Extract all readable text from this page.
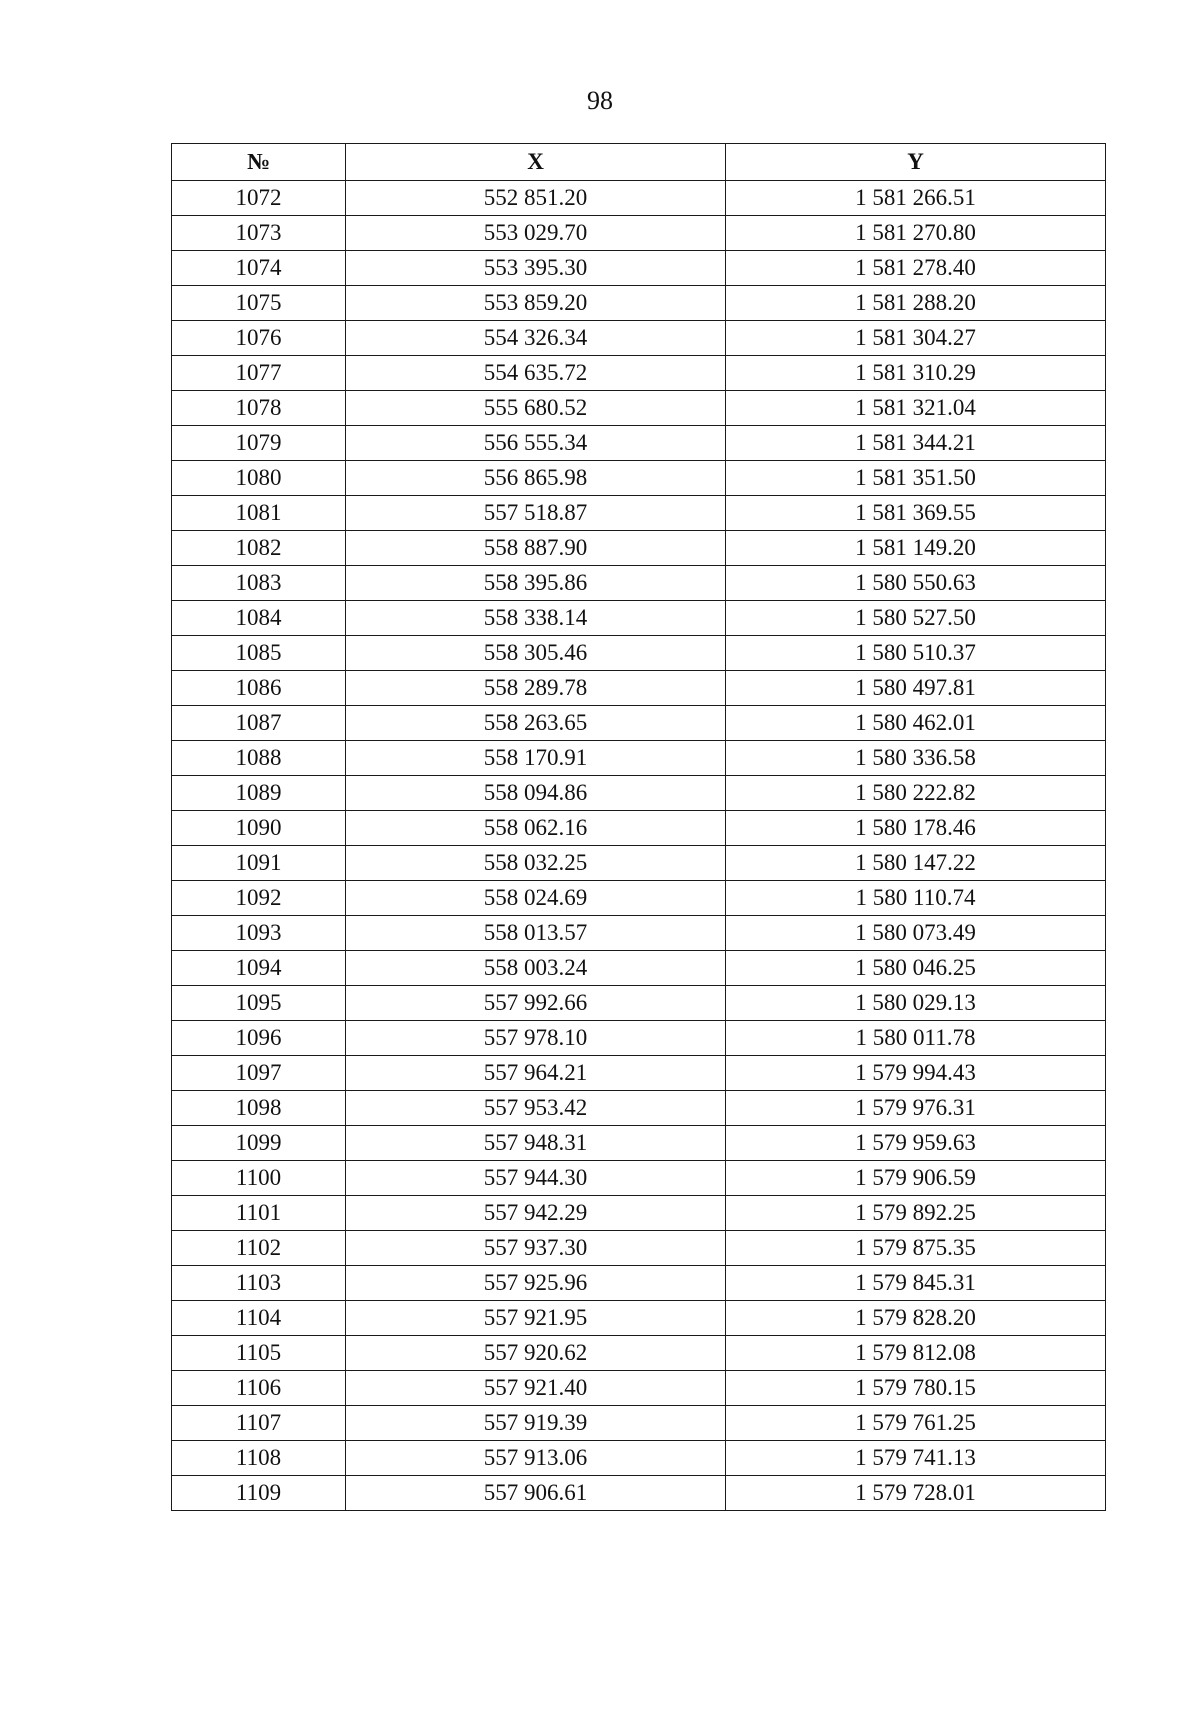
98
№	X	Y
1072	552 851.20	1 581 266.51
1073	553 029.70	1 581 270.80
1074	553 395.30	1 581 278.40
1075	553 859.20	1 581 288.20
1076	554 326.34	1 581 304.27
1077	554 635.72	1 581 310.29
1078	555 680.52	1 581 321.04
1079	556 555.34	1 581 344.21
1080	556 865.98	1 581 351.50
1081	557 518.87	1 581 369.55
1082	558 887.90	1 581 149.20
1083	558 395.86	1 580 550.63
1084	558 338.14	1 580 527.50
1085	558 305.46	1 580 510.37
1086	558 289.78	1 580 497.81
1087	558 263.65	1 580 462.01
1088	558 170.91	1 580 336.58
1089	558 094.86	1 580 222.82
1090	558 062.16	1 580 178.46
1091	558 032.25	1 580 147.22
1092	558 024.69	1 580 110.74
1093	558 013.57	1 580 073.49
1094	558 003.24	1 580 046.25
1095	557 992.66	1 580 029.13
1096	557 978.10	1 580 011.78
1097	557 964.21	1 579 994.43
1098	557 953.42	1 579 976.31
1099	557 948.31	1 579 959.63
1100	557 944.30	1 579 906.59
1101	557 942.29	1 579 892.25
1102	557 937.30	1 579 875.35
1103	557 925.96	1 579 845.31
1104	557 921.95	1 579 828.20
1105	557 920.62	1 579 812.08
1106	557 921.40	1 579 780.15
1107	557 919.39	1 579 761.25
1108	557 913.06	1 579 741.13
1109	557 906.61	1 579 728.01
